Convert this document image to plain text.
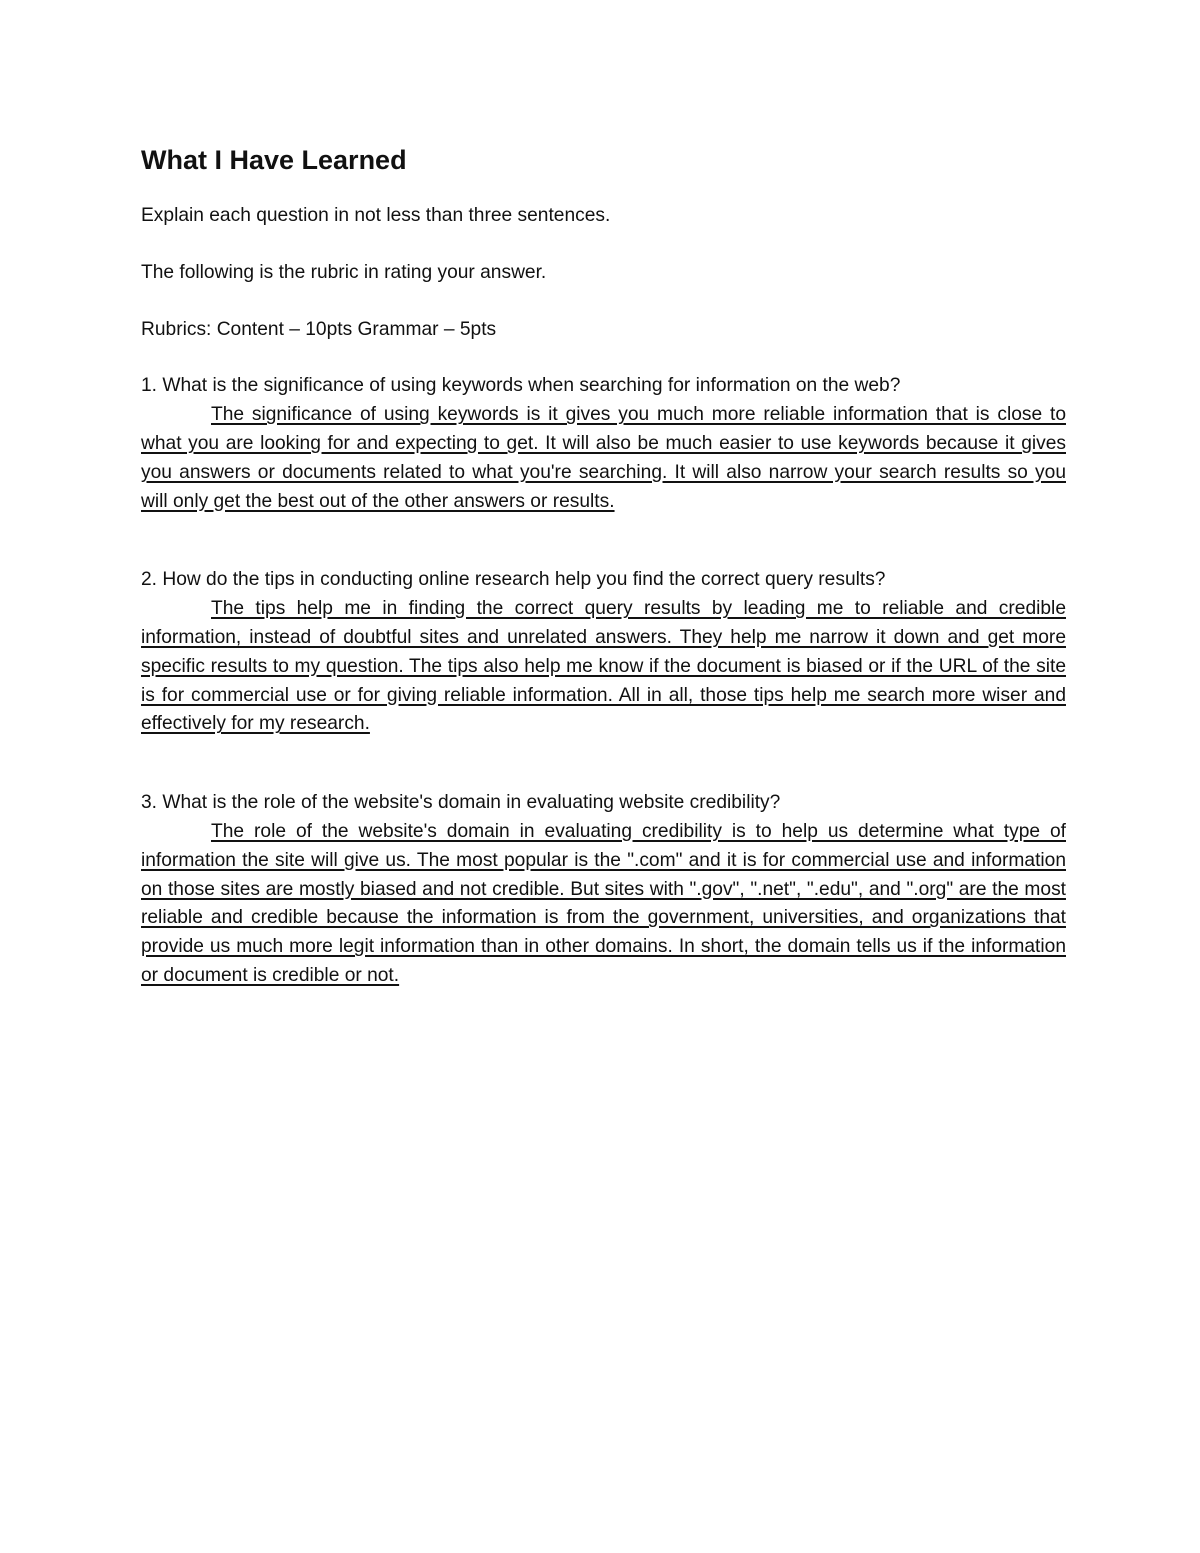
What I Have Learned

Explain each question in not less than three sentences.

The following is the rubric in rating your answer.

Rubrics: Content – 10pts Grammar – 5pts

1. What is the significance of using keywords when searching for information on the web?

The significance of using keywords is it gives you much more reliable information that is close to what you are looking for and expecting to get. It will also be much easier to use keywords because it gives you answers or documents related to what you're searching. It will also narrow your search results so you will only get the best out of the other answers or results.

2. How do the tips in conducting online research help you find the correct query results?

The tips help me in finding the correct query results by leading me to reliable and credible information, instead of doubtful sites and unrelated answers. They help me narrow it down and get more specific results to my question. The tips also help me know if the document is biased or if the URL of the site is for commercial use or for giving reliable information. All in all, those tips help me search more wiser and effectively for my research.

3. What is the role of the website's domain in evaluating website credibility?

The role of the website's domain in evaluating credibility is to help us determine what type of information the site will give us. The most popular is the ".com" and it is for commercial use and information on those sites are mostly biased and not credible. But sites with ".gov", ".net", ".edu", and ".org" are the most reliable and credible because the information is from the government, universities, and organizations that provide us much more legit information than in other domains. In short, the domain tells us if the information or document is credible or not.
